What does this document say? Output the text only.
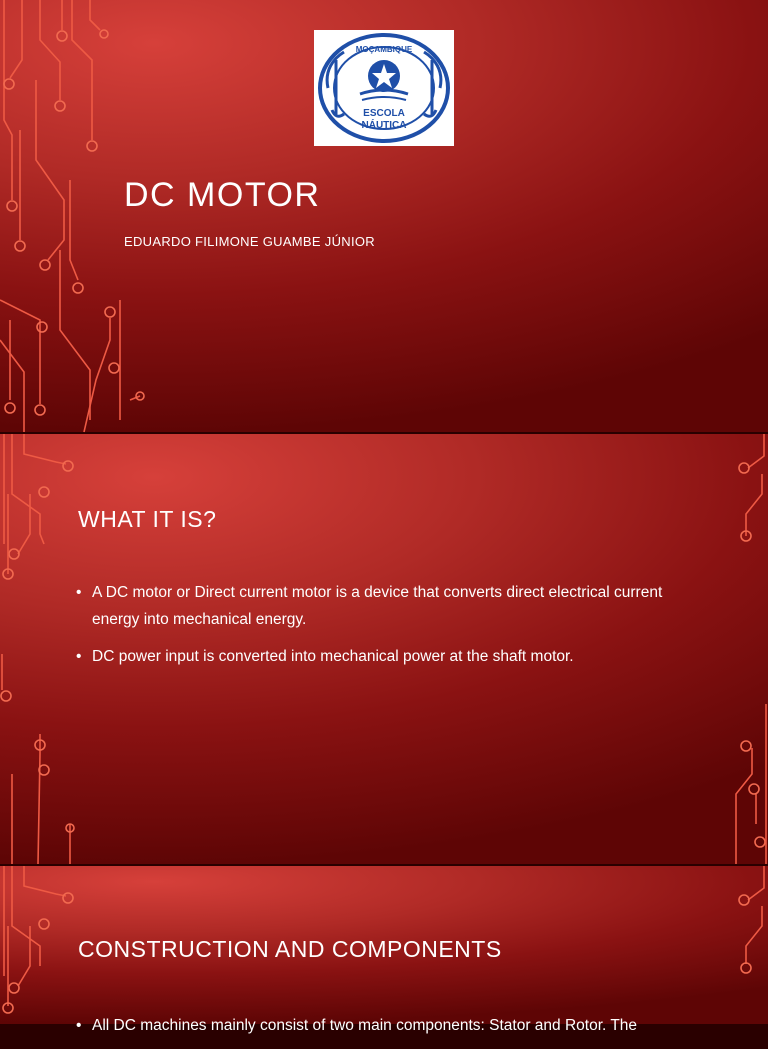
MOÇAMBIQUE
ESCOLA
NÁUTICA
DC MOTOR
EDUARDO FILIMONE GUAMBE JÚNIOR
WHAT IT IS?
• A DC motor or Direct current motor is a device that converts direct electrical current energy into mechanical energy.
• DC power input is converted into mechanical power at the shaft motor.
CONSTRUCTION AND COMPONENTS
• All DC machines mainly consist of two main components: Stator and Rotor. The
